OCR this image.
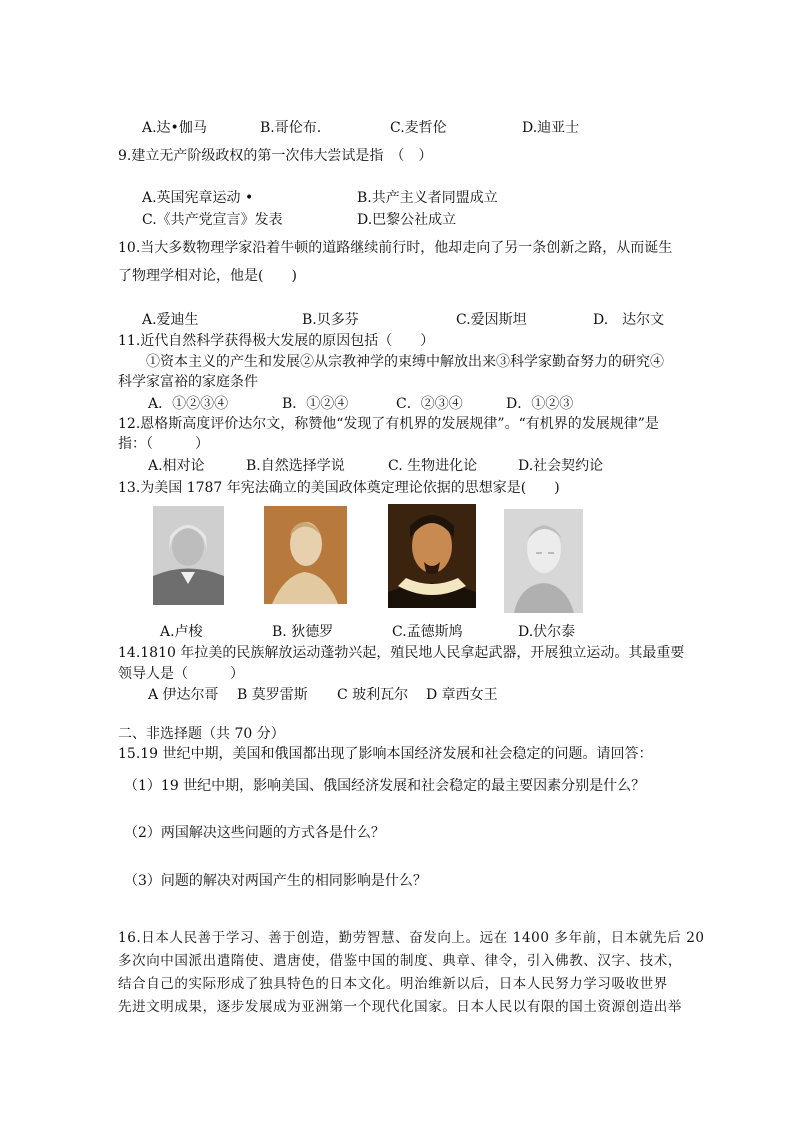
A.达•伽马	B.哥伦布.	C.麦哲伦	D.迪亚士
9.建立无产阶级政权的第一次伟大尝试是指　（　）
A.英国宪章运动 •	B.共产主义者同盟成立
C.《共产党宣言》发表	D.巴黎公社成立
10.当大多数物理学家沿着牛顿的道路继续前行时，他却走向了另一条创新之路，从而诞生
了物理学相对论，他是(　　)
A.爱迪生	B.贝多芬	C.爱因斯坦	D.　达尔文
11.近代自然科学获得极大发展的原因包括（　　）
①资本主义的产生和发展②从宗教神学的束缚中解放出来③科学家勤奋努力的研究④
科学家富裕的家庭条件
A．①②③④	B．①②④	C．②③④	D．①②③
12.恩格斯高度评价达尔文，称赞他“发现了有机界的发展规律”。“有机界的发展规律”是
指：（　　　）
A.相对论	B.自然选择学说	C. 生物进化论	D.社会契约论
13.为美国 1787 年宪法确立的美国政体奠定理论依据的思想家是(　　)
A.卢梭	B. 狄德罗	C.孟德斯鸠	D.伏尔泰
14.1810 年拉美的民族解放运动蓬勃兴起，殖民地人民拿起武器，开展独立运动。其最重要
领导人是（　　　）
A 伊达尔哥 B 莫罗雷斯 C 玻利瓦尔 D 章西女王
二、非选择题（共 70 分）
15.19 世纪中期，美国和俄国都出现了影响本国经济发展和社会稳定的问题。请回答：
（1）19 世纪中期，影响美国、俄国经济发展和社会稳定的最主要因素分别是什么？
（2）两国解决这些问题的方式各是什么？
（3）问题的解决对两国产生的相同影响是什么？
16.日本人民善于学习、善于创造，勤劳智慧、奋发向上。远在 1400 多年前，日本就先后 20
多次向中国派出遣隋使、遣唐使，借鉴中国的制度、典章、律令，引入佛教、汉字、技术，
结合自己的实际形成了独具特色的日本文化。明治维新以后，日本人民努力学习吸收世界
先进文明成果，逐步发展成为亚洲第一个现代化国家。日本人民以有限的国土资源创造出举
